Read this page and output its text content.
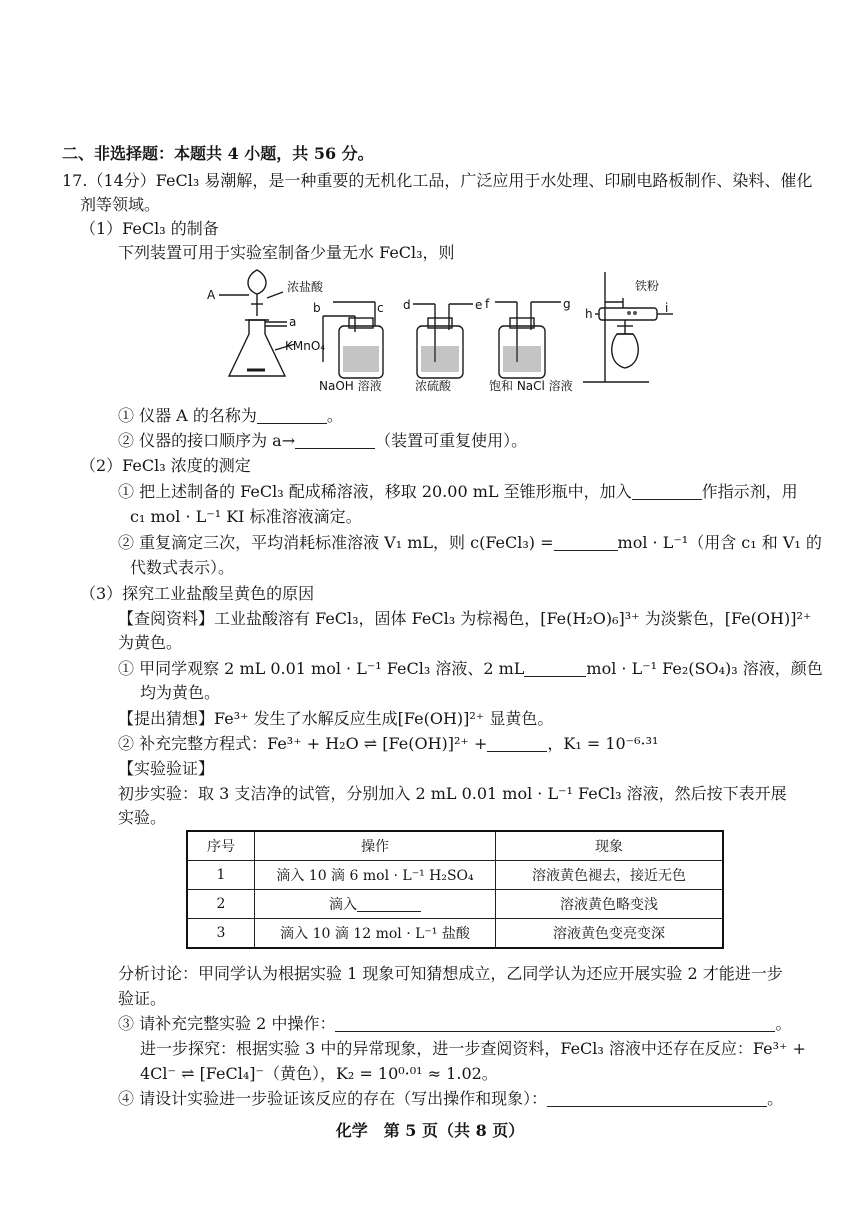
二、非选择题：本题共 4 小题，共 56 分。
17.（14分）FeCl₃ 易潮解，是一种重要的无机化工品，广泛应用于水处理、印刷电路板制作、染料、催化
剂等领域。
（1）FeCl₃ 的制备
下列装置可用于实验室制备少量无水 FeCl₃，则
A
浓盐酸
a
KMnO₄
b	c d	e f	g
h	i
铁粉
NaOH 溶液	浓硫酸	饱和 NaCl 溶液
① 仪器 A 的名称为	。
② 仪器的接口顺序为 a→	（装置可重复使用）。
（2）FeCl₃ 浓度的测定
① 把上述制备的 FeCl₃ 配成稀溶液，移取 20.00 mL 至锥形瓶中，加入	作指示剂，用
c₁ mol · L⁻¹ KI 标准溶液滴定。
② 重复滴定三次，平均消耗标准溶液 V₁ mL，则 c(FeCl₃) =	mol · L⁻¹（用含 c₁ 和 V₁ 的
代数式表示）。
（3）探究工业盐酸呈黄色的原因
【查阅资料】工业盐酸溶有 FeCl₃，固体 FeCl₃ 为棕褐色，[Fe(H₂O)₆]³⁺ 为淡紫色，[Fe(OH)]²⁺
为黄色。
① 甲同学观察 2 mL 0.01 mol · L⁻¹ FeCl₃ 溶液、2 mL	mol · L⁻¹ Fe₂(SO₄)₃ 溶液，颜色
均为黄色。
【提出猜想】Fe³⁺ 发生了水解反应生成[Fe(OH)]²⁺ 显黄色。
② 补充完整方程式：Fe³⁺ + H₂O ⇌ [Fe(OH)]²⁺ +	，K₁ = 10⁻⁶·³¹
【实验验证】
初步实验：取 3 支洁净的试管，分别加入 2 mL 0.01 mol · L⁻¹ FeCl₃ 溶液，然后按下表开展
实验。
序号	操作	现象
1	滴入 10 滴 6 mol · L⁻¹ H₂SO₄	溶液黄色褪去，接近无色
2	滴入	溶液黄色略变浅
3	滴入 10 滴 12 mol · L⁻¹ 盐酸	溶液黄色变亮变深
分析讨论：甲同学认为根据实验 1 现象可知猜想成立，乙同学认为还应开展实验 2 才能进一步
验证。
③ 请补充完整实验 2 中操作：	。
进一步探究：根据实验 3 中的异常现象，进一步查阅资料，FeCl₃ 溶液中还存在反应：Fe³⁺ +
4Cl⁻ ⇌ [FeCl₄]⁻（黄色），K₂ = 10⁰·⁰¹ ≈ 1.02。
④ 请设计实验进一步验证该反应的存在（写出操作和现象）：	。
化学　第 5 页（共 8 页）
